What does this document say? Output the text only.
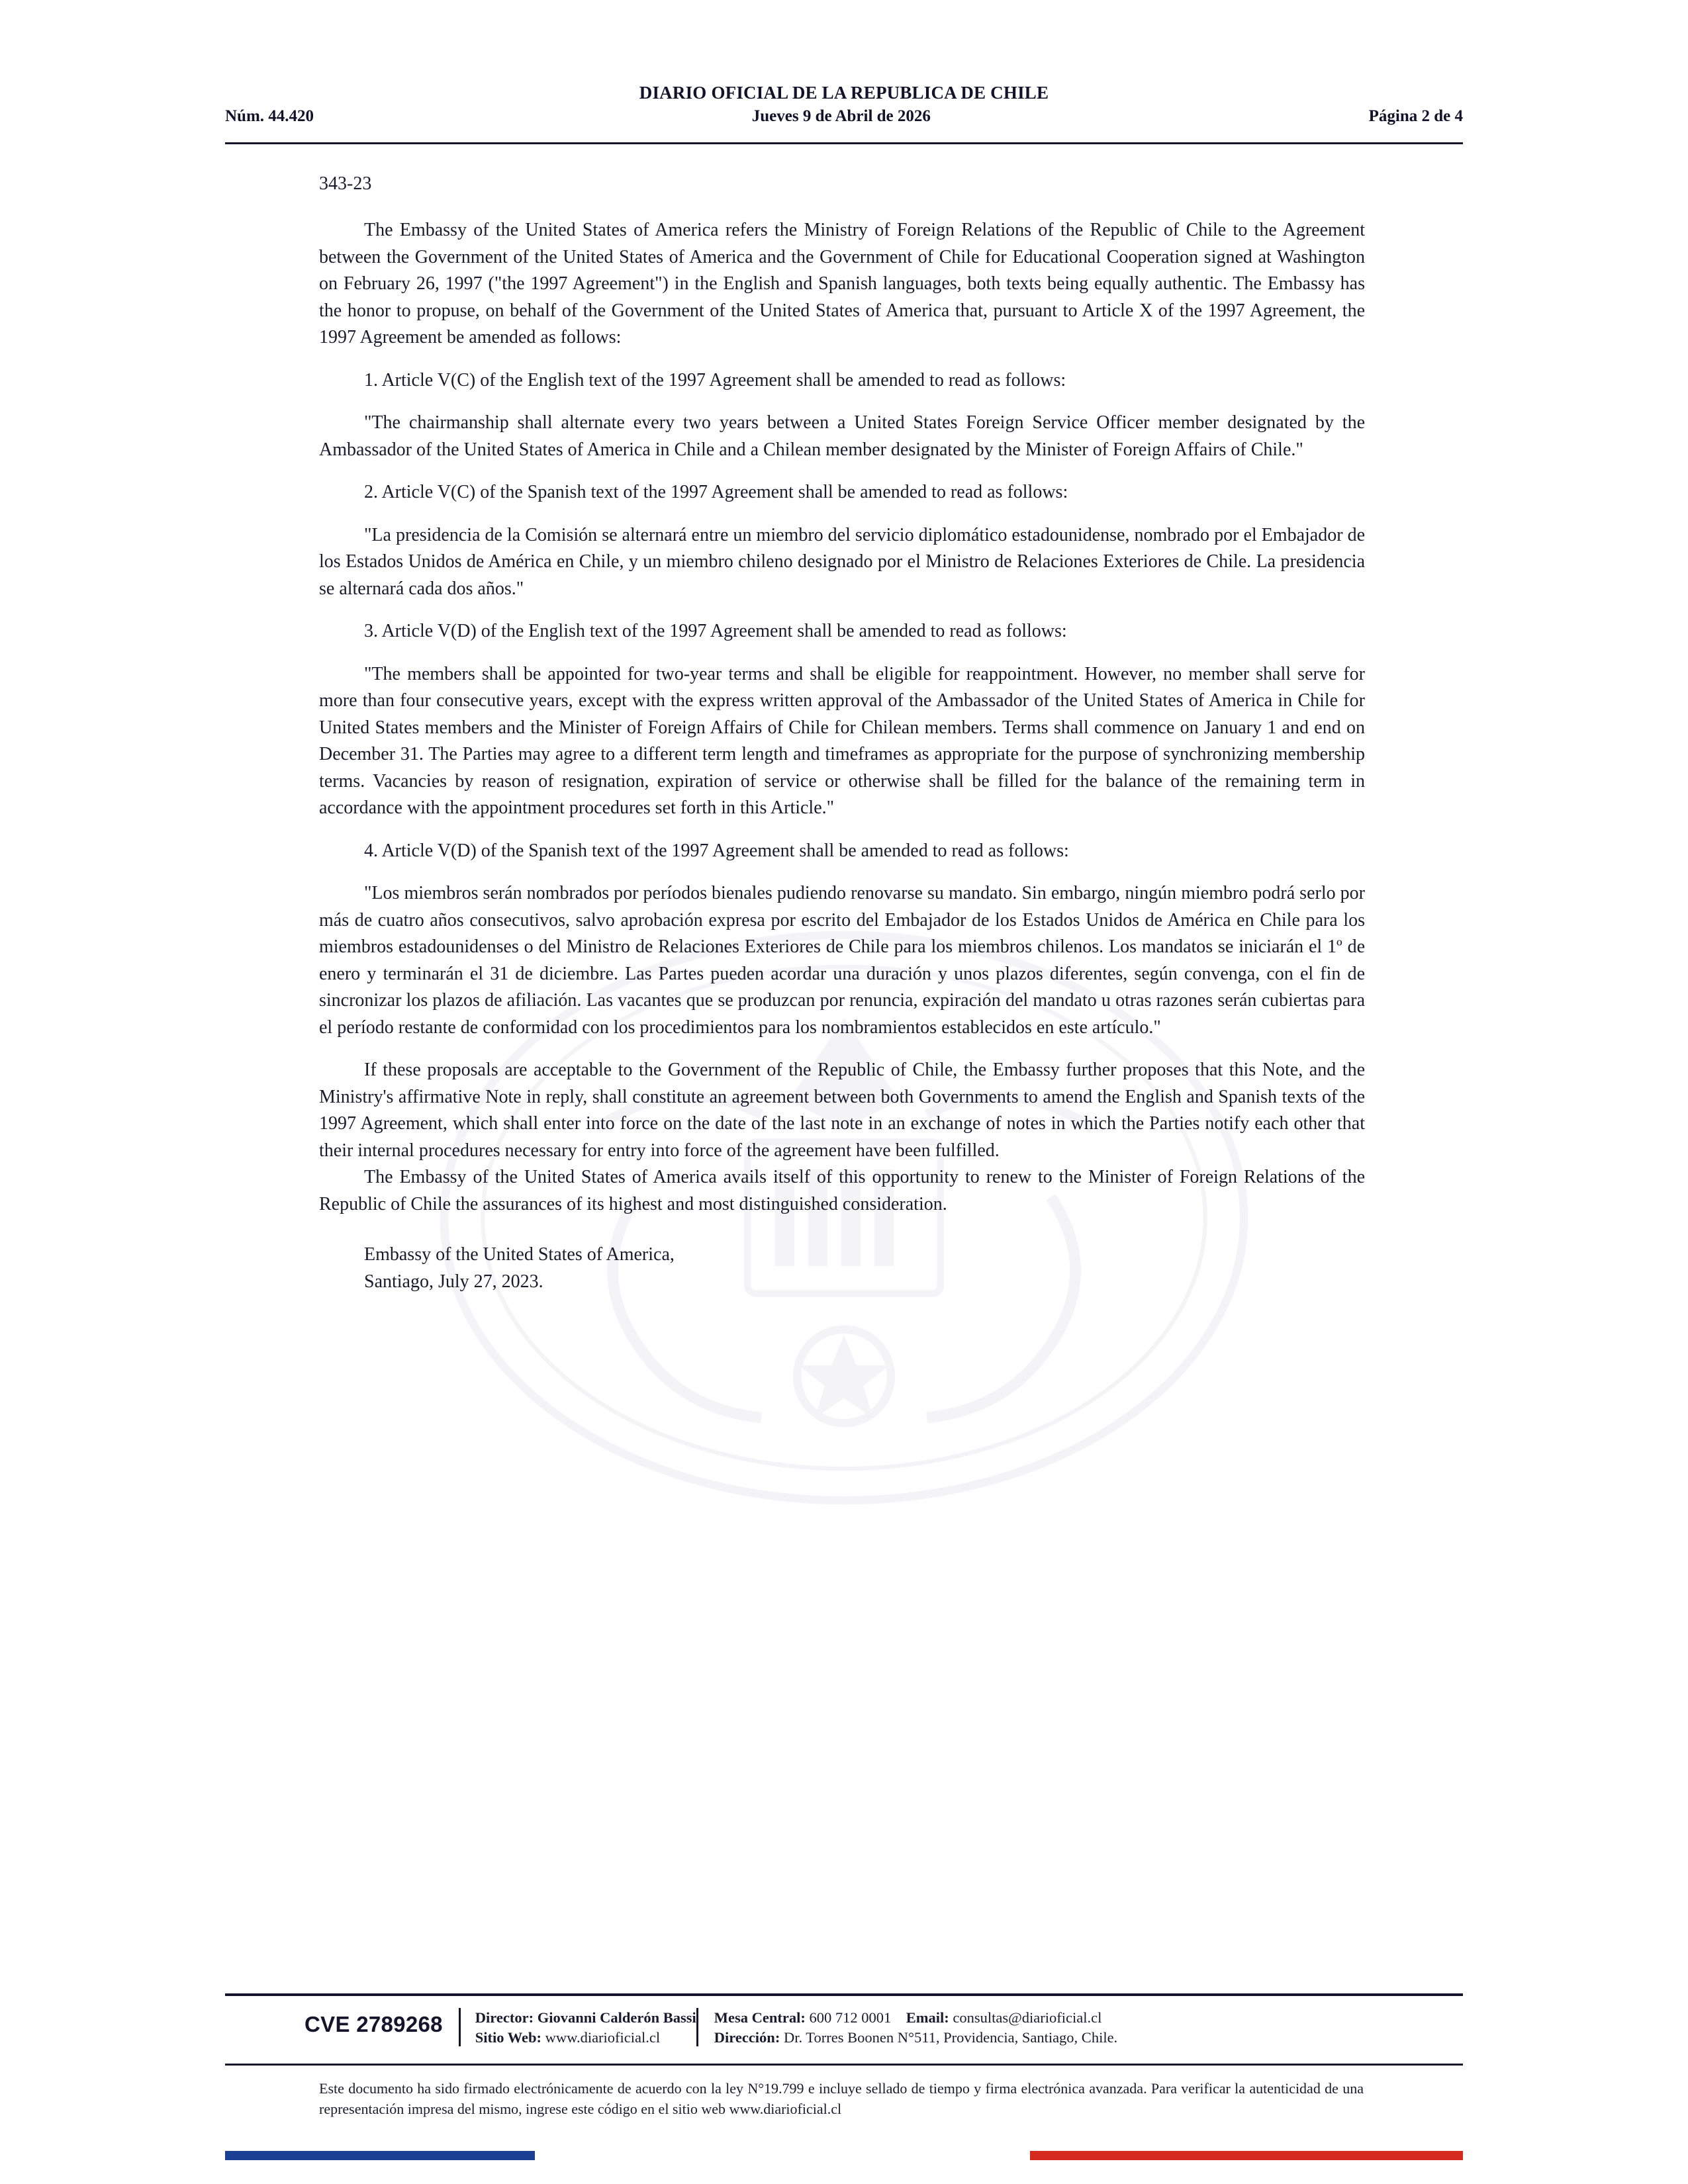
DIARIO OFICIAL DE LA REPUBLICA DE CHILE
Núm. 44.420	Jueves 9 de Abril de 2026	Página 2 de 4
343-23

The Embassy of the United States of America refers the Ministry of Foreign Relations of the Republic of Chile to the Agreement between the Government of the United States of America and the Government of Chile for Educational Cooperation signed at Washington on February 26, 1997 ("the 1997 Agreement") in the English and Spanish languages, both texts being equally authentic. The Embassy has the honor to propuse, on behalf of the Government of the United States of America that, pursuant to Article X of the 1997 Agreement, the 1997 Agreement be amended as follows:

1. Article V(C) of the English text of the 1997 Agreement shall be amended to read as follows:

"The chairmanship shall alternate every two years between a United States Foreign Service Officer member designated by the Ambassador of the United States of America in Chile and a Chilean member designated by the Minister of Foreign Affairs of Chile."

2. Article V(C) of the Spanish text of the 1997 Agreement shall be amended to read as follows:

"La presidencia de la Comisión se alternará entre un miembro del servicio diplomático estadounidense, nombrado por el Embajador de los Estados Unidos de América en Chile, y un miembro chileno designado por el Ministro de Relaciones Exteriores de Chile. La presidencia se alternará cada dos años."

3. Article V(D) of the English text of the 1997 Agreement shall be amended to read as follows:

"The members shall be appointed for two-year terms and shall be eligible for reappointment. However, no member shall serve for more than four consecutive years, except with the express written approval of the Ambassador of the United States of America in Chile for United States members and the Minister of Foreign Affairs of Chile for Chilean members. Terms shall commence on January 1 and end on December 31. The Parties may agree to a different term length and timeframes as appropriate for the purpose of synchronizing membership terms. Vacancies by reason of resignation, expiration of service or otherwise shall be filled for the balance of the remaining term in accordance with the appointment procedures set forth in this Article."

4. Article V(D) of the Spanish text of the 1997 Agreement shall be amended to read as follows:

"Los miembros serán nombrados por períodos bienales pudiendo renovarse su mandato. Sin embargo, ningún miembro podrá serlo por más de cuatro años consecutivos, salvo aprobación expresa por escrito del Embajador de los Estados Unidos de América en Chile para los miembros estadounidenses o del Ministro de Relaciones Exteriores de Chile para los miembros chilenos. Los mandatos se iniciarán el 1º de enero y terminarán el 31 de diciembre. Las Partes pueden acordar una duración y unos plazos diferentes, según convenga, con el fin de sincronizar los plazos de afiliación. Las vacantes que se produzcan por renuncia, expiración del mandato u otras razones serán cubiertas para el período restante de conformidad con los procedimientos para los nombramientos establecidos en este artículo."

If these proposals are acceptable to the Government of the Republic of Chile, the Embassy further proposes that this Note, and the Ministry's affirmative Note in reply, shall constitute an agreement between both Governments to amend the English and Spanish texts of the 1997 Agreement, which shall enter into force on the date of the last note in an exchange of notes in which the Parties notify each other that their internal procedures necessary for entry into force of the agreement have been fulfilled.

The Embassy of the United States of America avails itself of this opportunity to renew to the Minister of Foreign Relations of the Republic of Chile the assurances of its highest and most distinguished consideration.

Embassy of the United States of America,
Santiago, July 27, 2023.
CVE 2789268	Director: Giovanni Calderón Bassi
Sitio Web: www.diarioficial.cl
Mesa Central: 600 712 0001 Email: consultas@diarioficial.cl
Dirección: Dr. Torres Boonen N°511, Providencia, Santiago, Chile.
Este documento ha sido firmado electrónicamente de acuerdo con la ley N°19.799 e incluye sellado de tiempo y firma electrónica avanzada. Para verificar la autenticidad de una representación impresa del mismo, ingrese este código en el sitio web www.diarioficial.cl
